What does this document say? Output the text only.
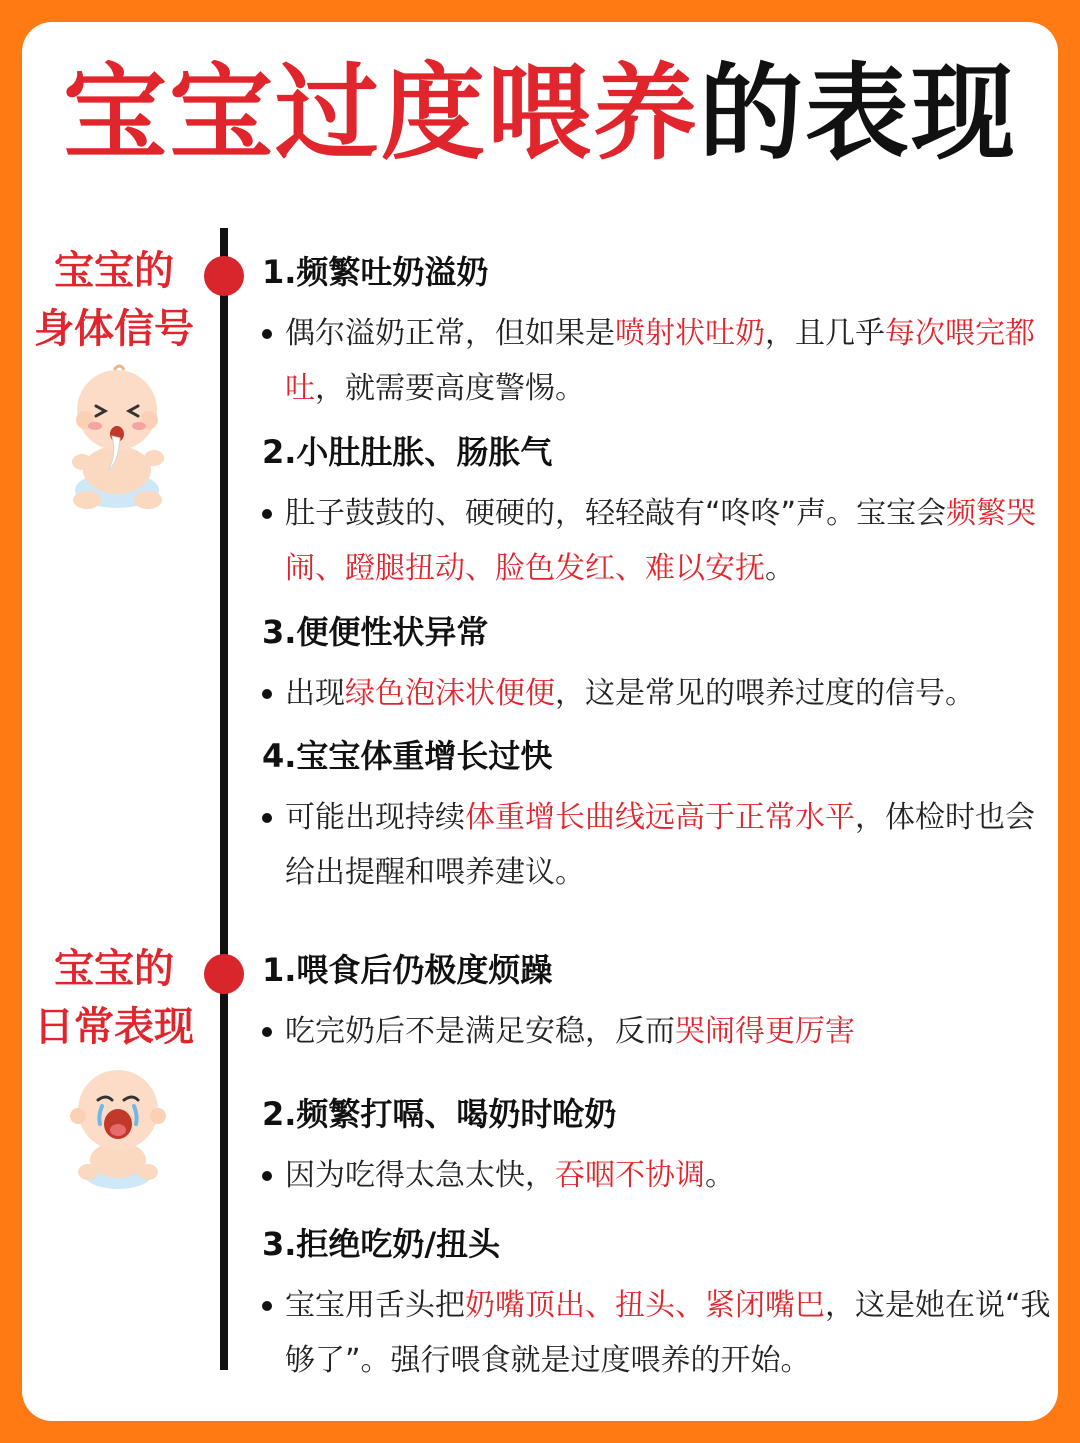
宝宝过度喂养的表现
宝宝的
身体信号
宝宝的
日常表现
1.频繁吐奶溢奶
偶尔溢奶正常，但如果是喷射状吐奶，且几乎每次喂完都吐，就需要高度警惕。
2.小肚肚胀、肠胀气
肚子鼓鼓的、硬硬的，轻轻敲有“咚咚”声。宝宝会频繁哭闹、蹬腿扭动、脸色发红、难以安抚。
3.便便性状异常
出现绿色泡沫状便便，这是常见的喂养过度的信号。
4.宝宝体重增长过快
可能出现持续体重增长曲线远高于正常水平，体检时也会给出提醒和喂养建议。
1.喂食后仍极度烦躁
吃完奶后不是满足安稳，反而哭闹得更厉害
2.频繁打嗝、喝奶时呛奶
因为吃得太急太快，吞咽不协调。
3.拒绝吃奶/扭头
宝宝用舌头把奶嘴顶出、扭头、紧闭嘴巴，这是她在说“我够了”。强行喂食就是过度喂养的开始。
